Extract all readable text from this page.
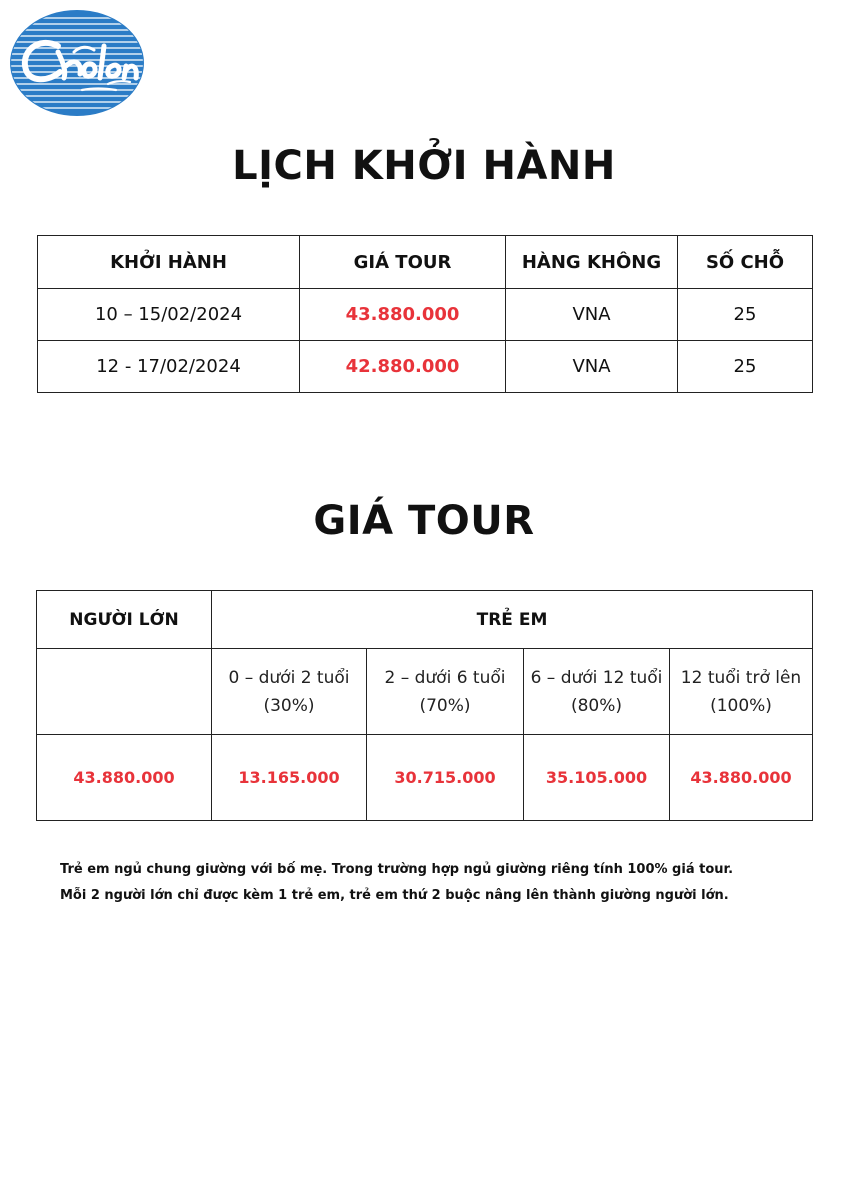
LỊCH KHỞI HÀNH
KHỞI HÀNH	GIÁ TOUR	HÀNG KHÔNG	SỐ CHỖ
10 – 15/02/2024	43.880.000	VNA	25
12 - 17/02/2024	42.880.000	VNA	25
GIÁ TOUR
NGƯỜI LỚN	TRẺ EM			
	0 – dưới 2 tuổi (30%)	2 – dưới 6 tuổi (70%)	6 – dưới 12 tuổi (80%)	12 tuổi trở lên (100%)
43.880.000	13.165.000	30.715.000	35.105.000	43.880.000

Trẻ em ngủ chung giường với bố mẹ. Trong trường hợp ngủ giường riêng tính 100% giá tour.

Mỗi 2 người lớn chỉ được kèm 1 trẻ em, trẻ em thứ 2 buộc nâng lên thành giường người lớn.
